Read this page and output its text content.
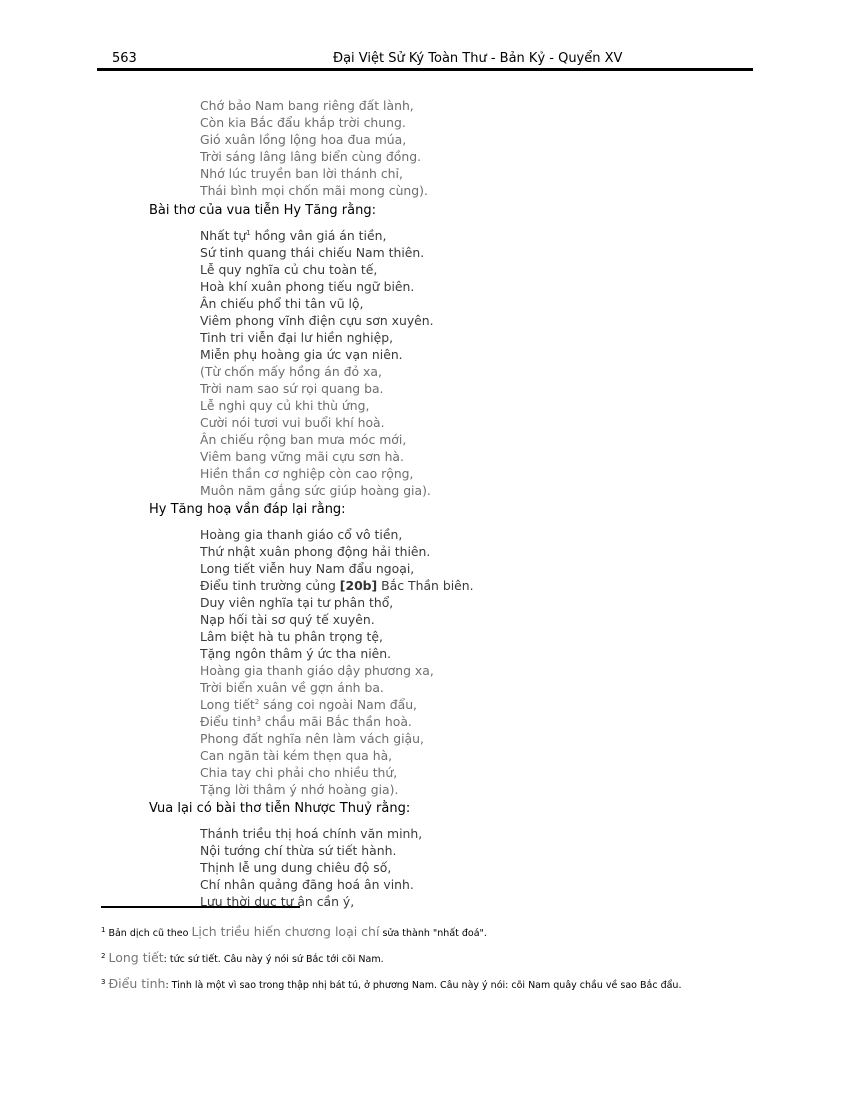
563	Đại Việt Sử Ký Toàn Thư - Bản Kỷ - Quyển XV
Chớ bảo Nam bang riêng đất lành,
Còn kia Bắc đẩu khắp trời chung.
Gió xuân lồng lộng hoa đua múa,
Trời sáng lâng lâng biển cùng đồng.
Nhớ lúc truyền ban lời thánh chỉ,
Thái bình mọi chốn mãi mong cùng).
Bài thơ của vua tiễn Hy Tăng rằng:
Nhất tự$^1$ hồng vân giá án tiền,
Sứ tinh quang thái chiếu Nam thiên.
Lễ quy nghĩa củ chu toàn tế,
Hoà khí xuân phong tiếu ngữ biên.
Ân chiếu phổ thi tân vũ lộ,
Viêm phong vĩnh điện cựu sơn xuyên.
Tinh tri viễn đại lư hiền nghiệp,
Miễn phụ hoàng gia ức vạn niên.
(Từ chốn mấy hồng án đỏ xa,
Trời nam sao sứ rọi quang ba.
Lễ nghi quy củ khi thù ứng,
Cười nói tươi vui buổi khí hoà.
Ân chiếu rộng ban mưa móc mới,
Viêm bang vững mãi cựu sơn hà.
Hiền thần cơ nghiệp còn cao rộng,
Muôn năm gắng sức giúp hoàng gia).
Hy Tăng hoạ vần đáp lại rằng:
Hoàng gia thanh giáo cổ vô tiền,
Thứ nhật xuân phong động hải thiên.
Long tiết viễn huy Nam đẩu ngoại,
Điểu tinh trường củng [20b] Bắc Thần biên.
Duy viên nghĩa tại tư phân thổ,
Nạp hối tài sơ quý tế xuyên.
Lâm biệt hà tu phân trọng tệ,
Tặng ngôn thâm ý ức tha niên.
Hoàng gia thanh giáo dậy phương xa,
Trời biển xuân về gợn ánh ba.
Long tiết$^2$ sáng coi ngoài Nam đẩu,
Điểu tinh$^3$ chầu mãi Bắc thần hoà.
Phong đất nghĩa nên làm vách giậu,
Can ngăn tài kém thẹn qua hà,
Chia tay chi phải cho nhiều thứ,
Tặng lời thâm ý nhớ hoàng gia).
Vua lại có bài thơ tiễn Nhược Thuỷ rằng:
Thánh triều thị hoá chính văn minh,
Nội tướng chí thừa sứ tiết hành.
Thịnh lễ ung dung chiêu độ số,
Chí nhân quảng đãng hoá ân vinh.
Lưu thời dục tự ân cần ý,
$^1$ Bản dịch cũ theo Lịch triều hiến chương loại chí sửa thành "nhất đoá".
$^2$ Long tiết: tức sứ tiết. Câu này ý nói sứ Bắc tới cõi Nam.
$^3$ Điểu tinh: Tinh là một vì sao trong thập nhị bát tú, ở phương Nam. Câu này ý nói: cõi Nam quây chầu về sao Bắc đẩu.
